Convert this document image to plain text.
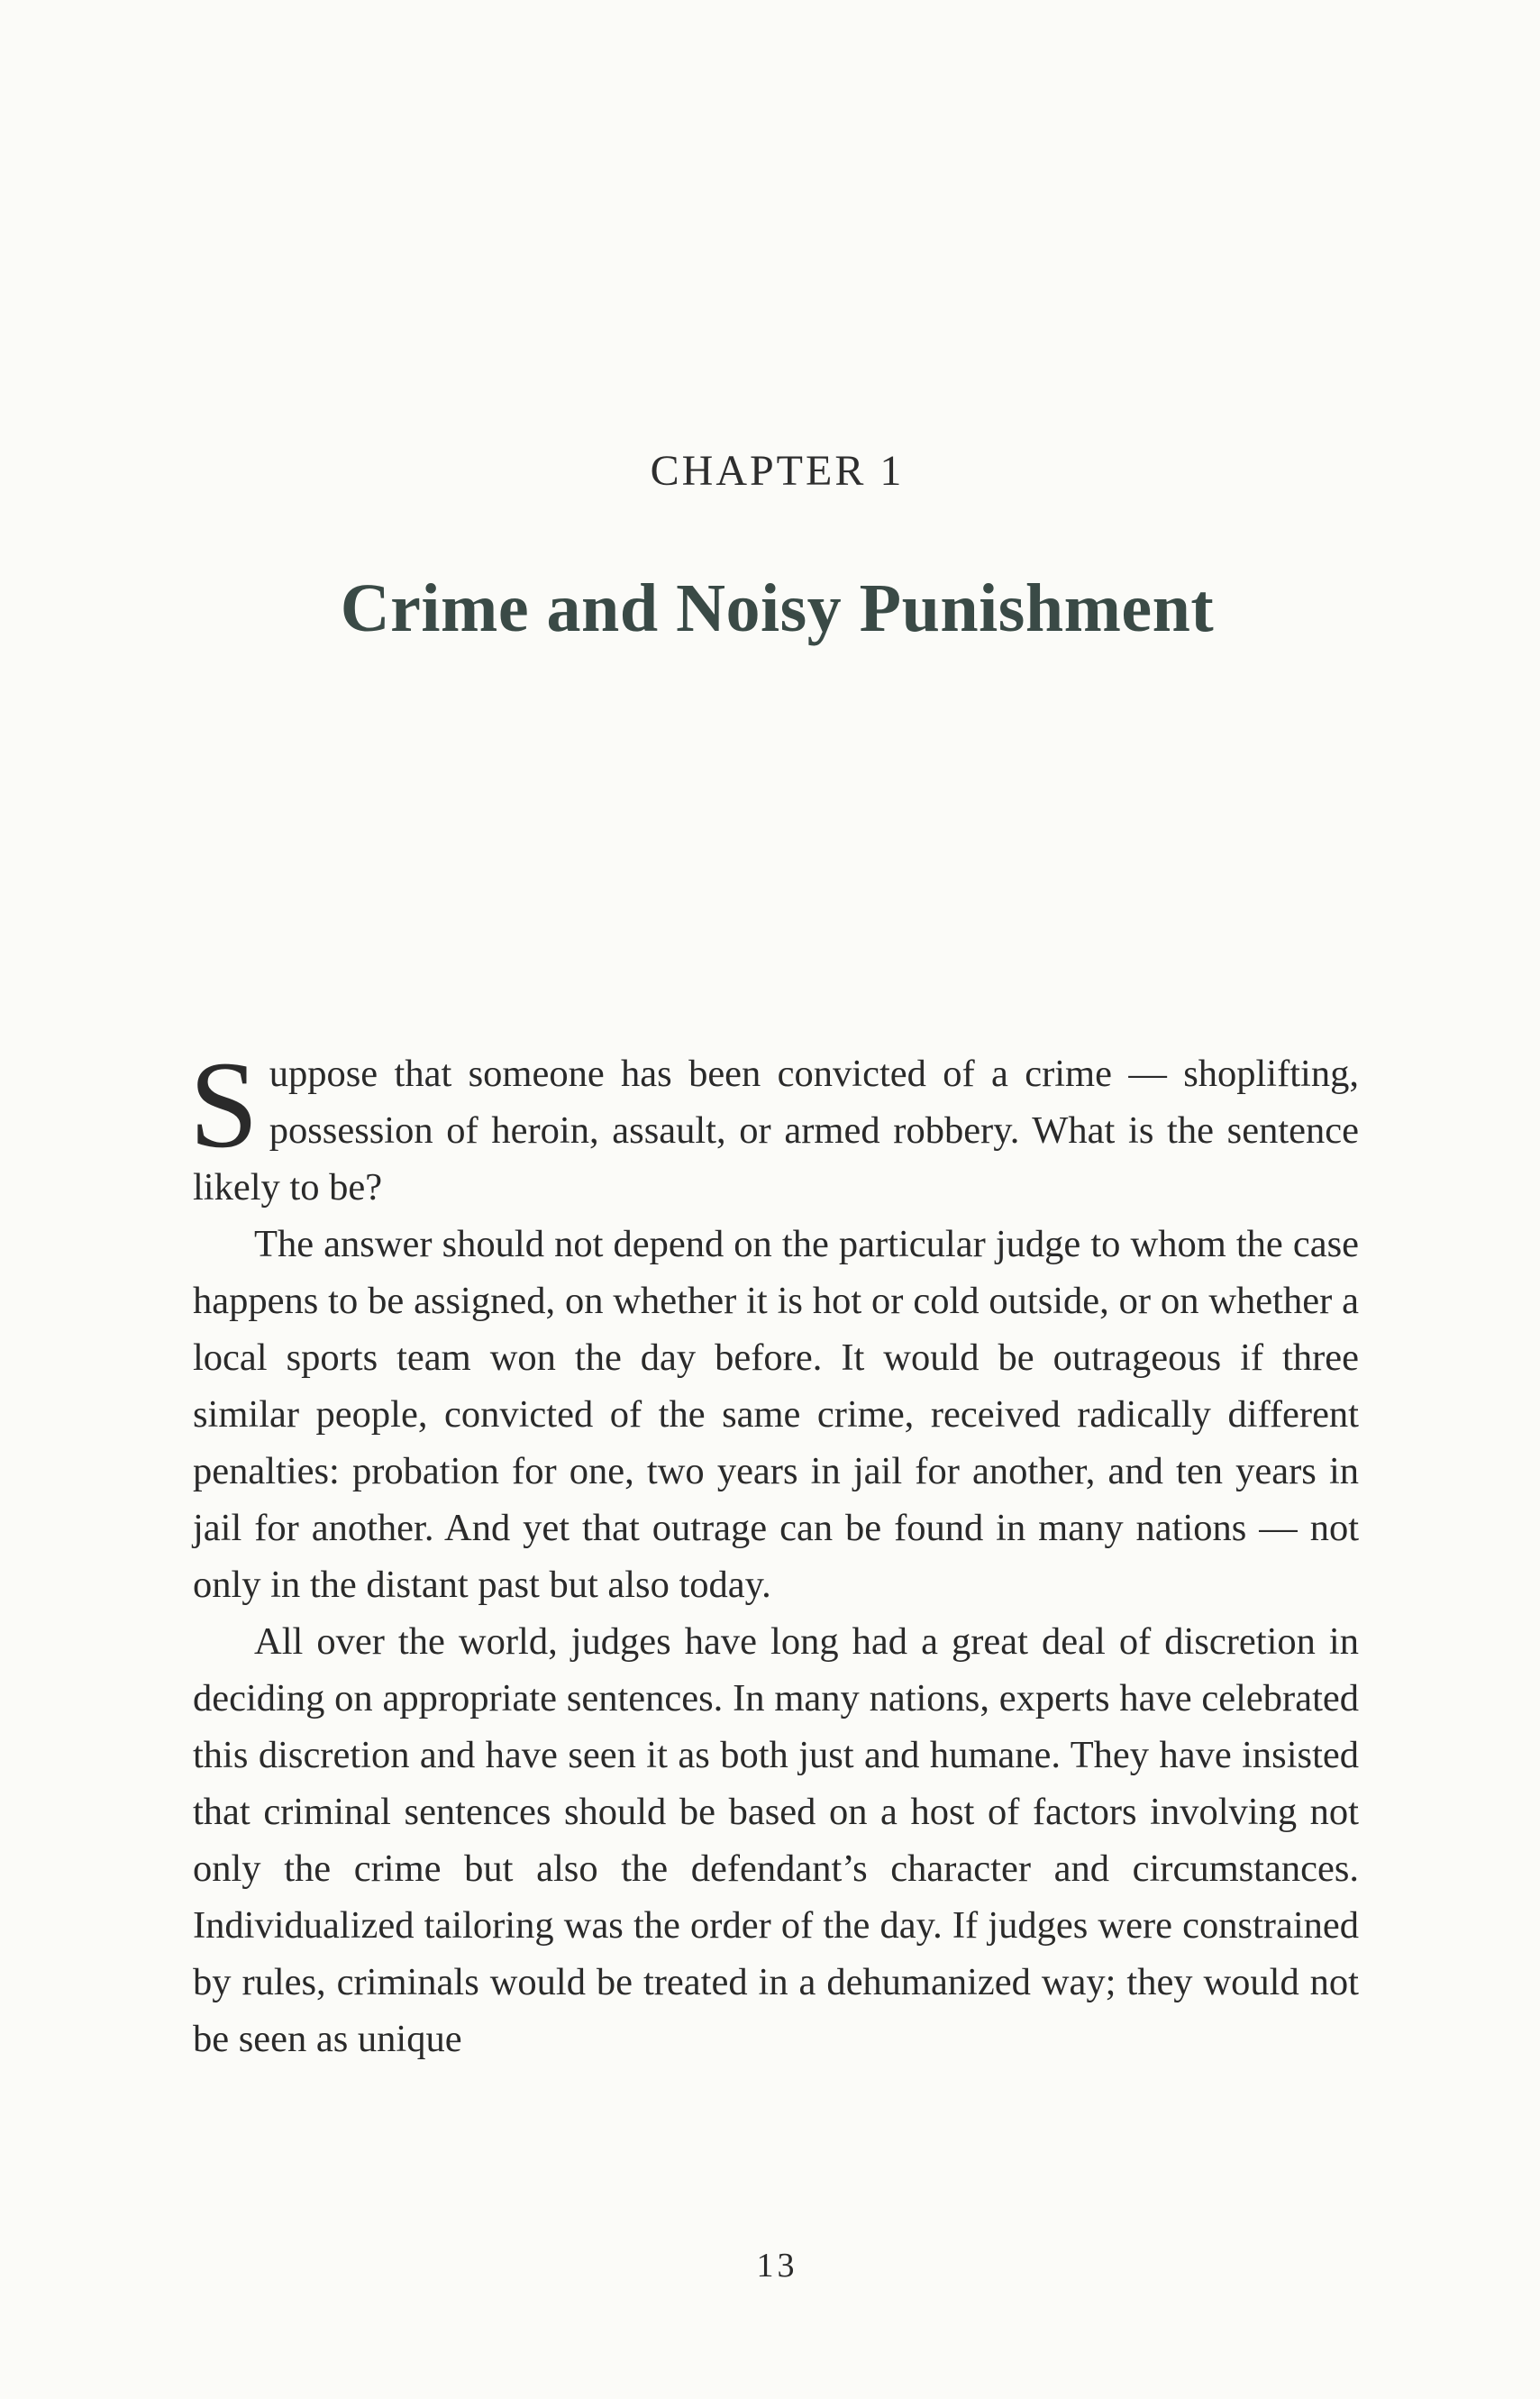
CHAPTER 1
Crime and Noisy Punishment

Suppose that someone has been convicted of a crime — shoplifting, possession of heroin, assault, or armed robbery. What is the sentence likely to be?

The answer should not depend on the particular judge to whom the case happens to be assigned, on whether it is hot or cold outside, or on whether a local sports team won the day before. It would be outrageous if three similar people, convicted of the same crime, received radically different penalties: probation for one, two years in jail for another, and ten years in jail for another. And yet that outrage can be found in many nations — not only in the distant past but also today.

All over the world, judges have long had a great deal of discretion in deciding on appropriate sentences. In many nations, experts have celebrated this discretion and have seen it as both just and humane. They have insisted that criminal sentences should be based on a host of factors involving not only the crime but also the defendant’s character and circumstances. Individualized tailoring was the order of the day. If judges were constrained by rules, criminals would be treated in a dehumanized way; they would not be seen as unique

13
